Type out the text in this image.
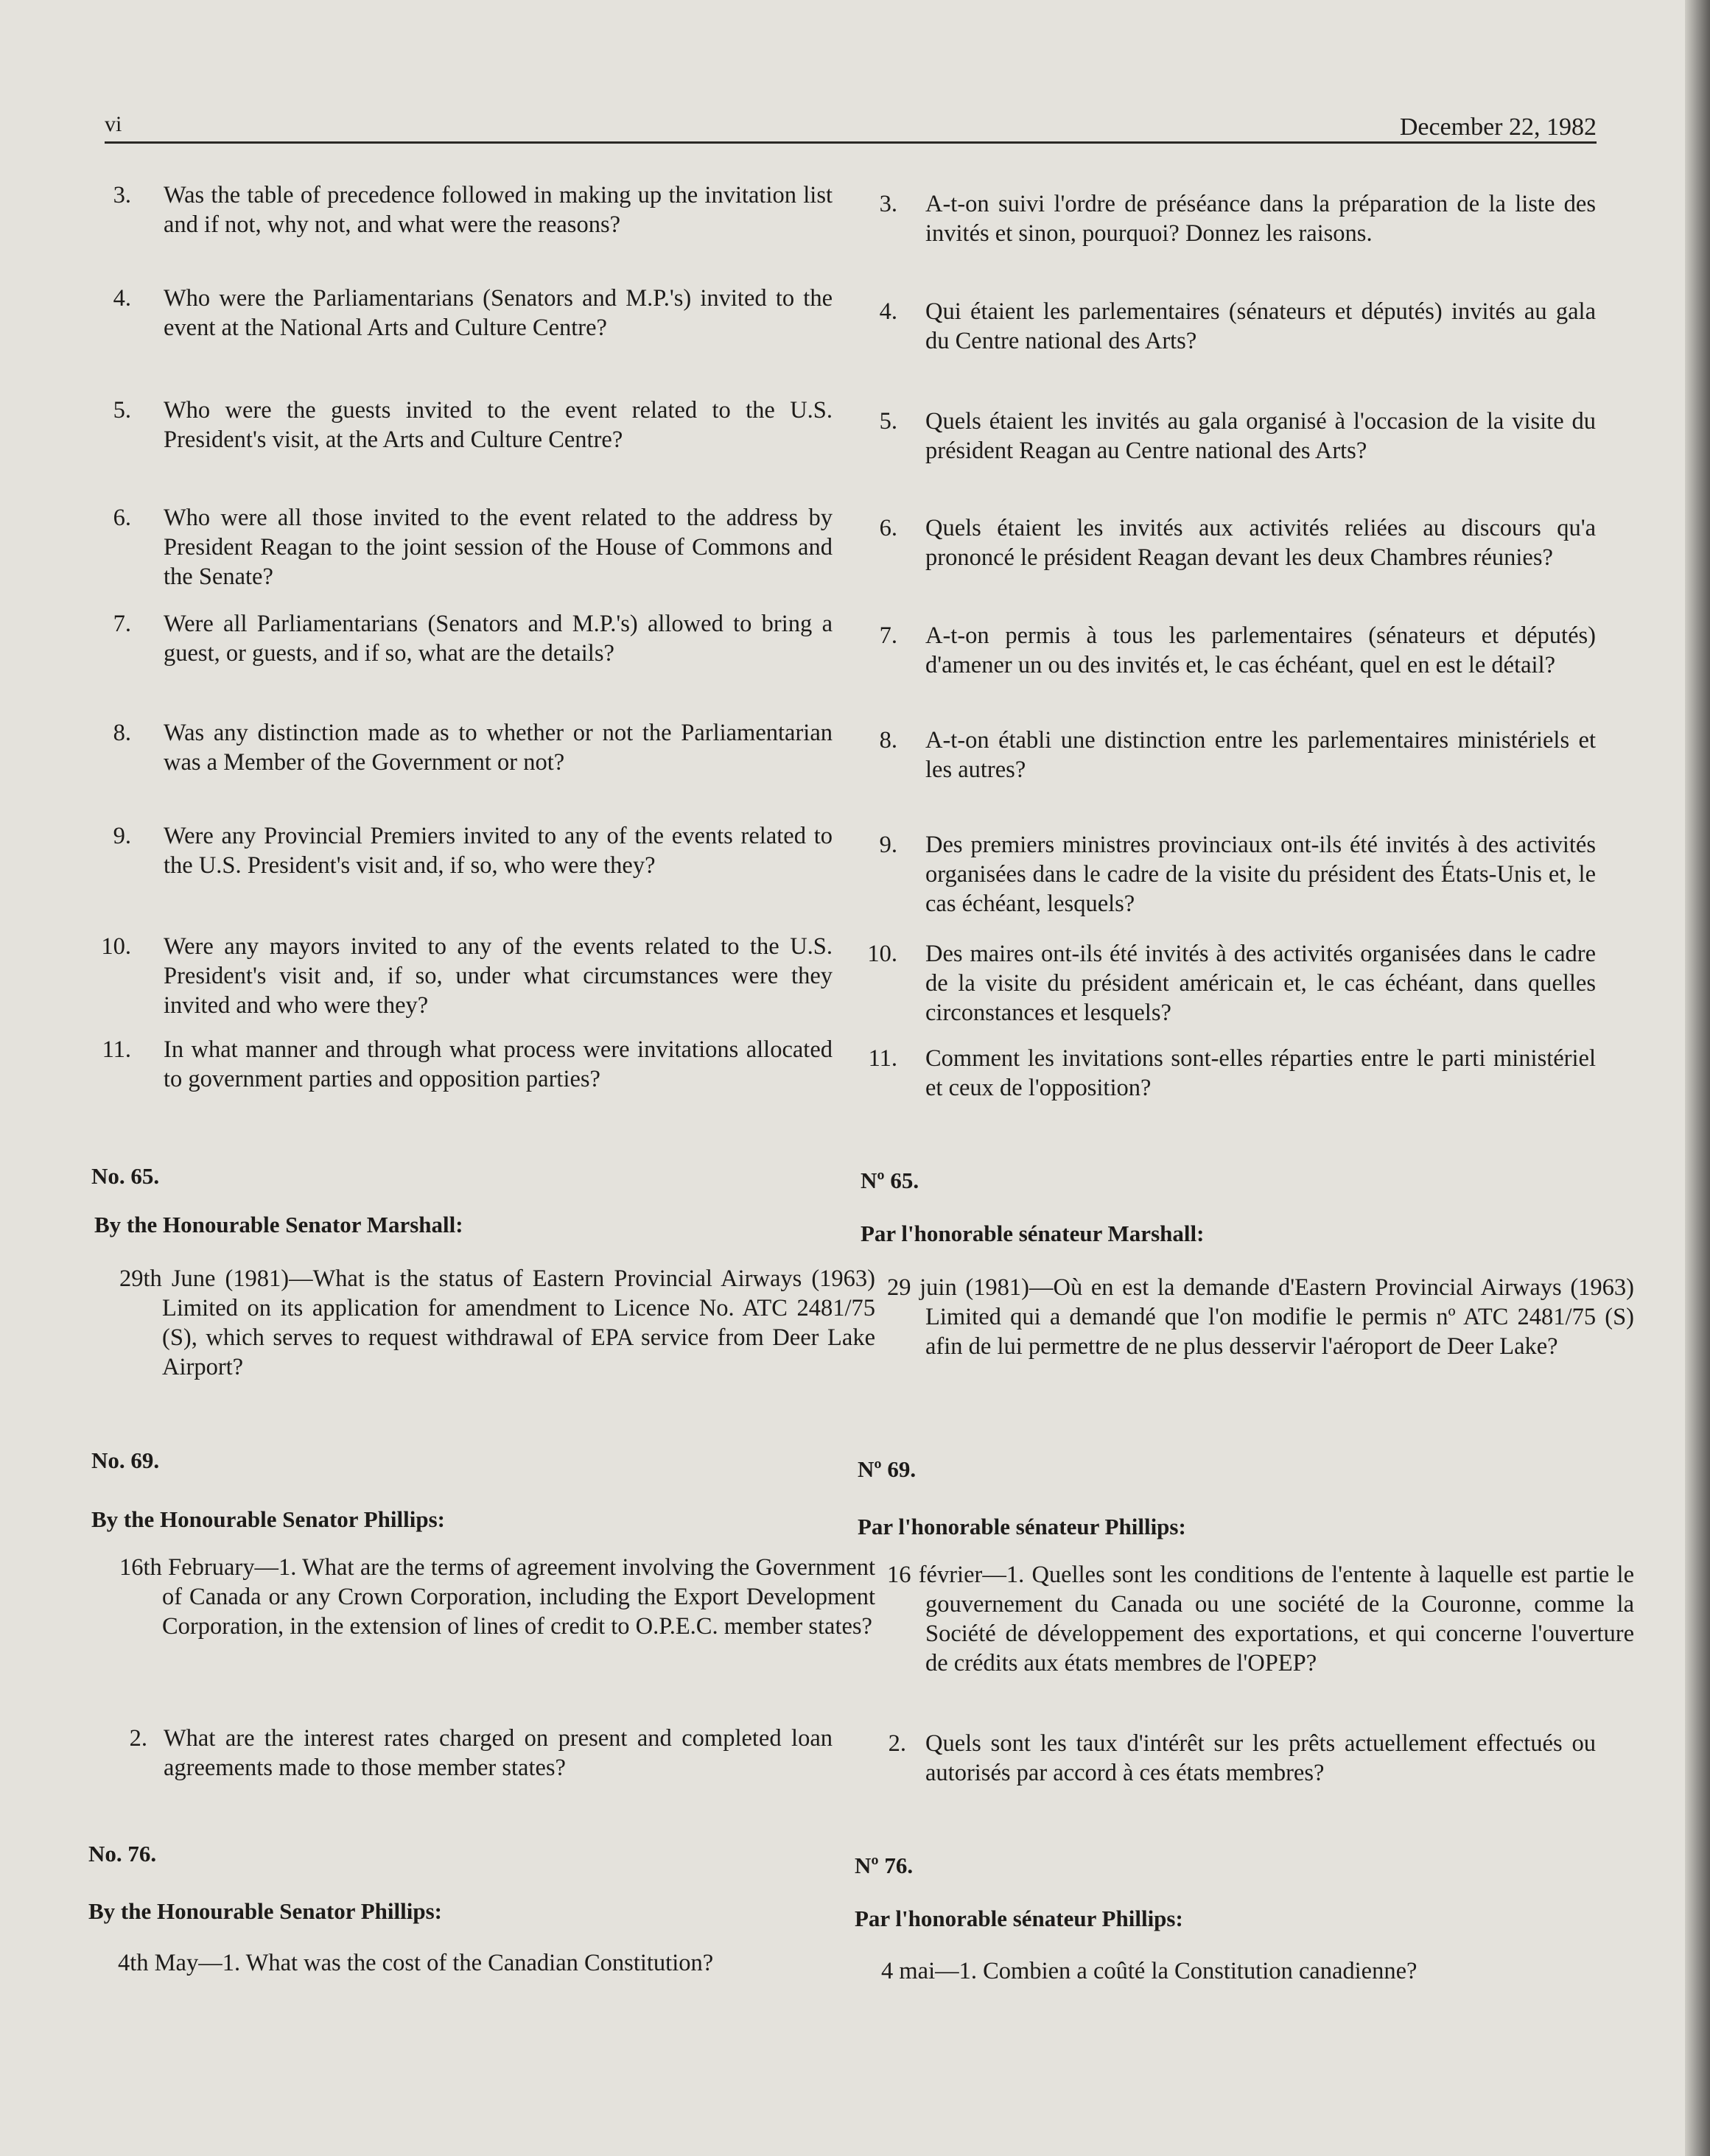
vi	December 22, 1982
3. Was the table of precedence followed in making up the invitation list and if not, why not, and what were the reasons?
4. Who were the Parliamentarians (Senators and M.P.'s) invited to the event at the National Arts and Culture Centre?
5. Who were the guests invited to the event related to the U.S. President's visit, at the Arts and Culture Centre?
6. Who were all those invited to the event related to the address by President Reagan to the joint session of the House of Commons and the Senate?
7. Were all Parliamentarians (Senators and M.P.'s) allowed to bring a guest, or guests, and if so, what are the details?
8. Was any distinction made as to whether or not the Parliamentarian was a Member of the Government or not?
9. Were any Provincial Premiers invited to any of the events related to the U.S. President's visit and, if so, who were they?
10. Were any mayors invited to any of the events related to the U.S. President's visit and, if so, under what circumstances were they invited and who were they?
11. In what manner and through what process were invitations allocated to government parties and opposition parties?
No. 65.
By the Honourable Senator Marshall:
29th June (1981)—What is the status of Eastern Provincial Airways (1963) Limited on its application for amendment to Licence No. ATC 2481/75 (S), which serves to request withdrawal of EPA service from Deer Lake Airport?
No. 69.
By the Honourable Senator Phillips:
16th February—1. What are the terms of agreement involving the Government of Canada or any Crown Corporation, including the Export Development Corporation, in the extension of lines of credit to O.P.E.C. member states?
2. What are the interest rates charged on present and completed loan agreements made to those member states?
No. 76.
By the Honourable Senator Phillips:
4th May—1. What was the cost of the Canadian Constitution?
3. A-t-on suivi l'ordre de préséance dans la préparation de la liste des invités et sinon, pourquoi? Donnez les raisons.
4. Qui étaient les parlementaires (sénateurs et députés) invités au gala du Centre national des Arts?
5. Quels étaient les invités au gala organisé à l'occasion de la visite du président Reagan au Centre national des Arts?
6. Quels étaient les invités aux activités reliées au discours qu'a prononcé le président Reagan devant les deux Chambres réunies?
7. A-t-on permis à tous les parlementaires (sénateurs et députés) d'amener un ou des invités et, le cas échéant, quel en est le détail?
8. A-t-on établi une distinction entre les parlementaires ministériels et les autres?
9. Des premiers ministres provinciaux ont-ils été invités à des activités organisées dans le cadre de la visite du président des États-Unis et, le cas échéant, lesquels?
10. Des maires ont-ils été invités à des activités organisées dans le cadre de la visite du président américain et, le cas échéant, dans quelles circonstances et lesquels?
11. Comment les invitations sont-elles réparties entre le parti ministériel et ceux de l'opposition?
Nº 65.
Par l'honorable sénateur Marshall:
29 juin (1981)—Où en est la demande d'Eastern Provincial Airways (1963) Limited qui a demandé que l'on modifie le permis nº ATC 2481/75 (S) afin de lui permettre de ne plus desservir l'aéroport de Deer Lake?
Nº 69.
Par l'honorable sénateur Phillips:
16 février—1. Quelles sont les conditions de l'entente à laquelle est partie le gouvernement du Canada ou une société de la Couronne, comme la Société de développement des exportations, et qui concerne l'ouverture de crédits aux états membres de l'OPEP?
2. Quels sont les taux d'intérêt sur les prêts actuellement effectués ou autorisés par accord à ces états membres?
Nº 76.
Par l'honorable sénateur Phillips:
4 mai—1. Combien a coûté la Constitution canadienne?
